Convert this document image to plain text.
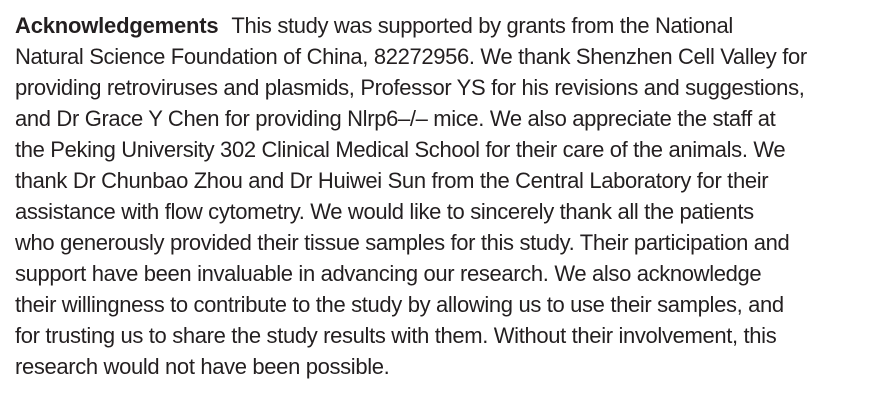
Acknowledgements This study was supported by grants from the National
Natural Science Foundation of China, 82272956. We thank Shenzhen Cell Valley for
providing retroviruses and plasmids, Professor YS for his revisions and suggestions,
and Dr Grace Y Chen for providing Nlrp6–/– mice. We also appreciate the staff at
the Peking University 302 Clinical Medical School for their care of the animals. We
thank Dr Chunbao Zhou and Dr Huiwei Sun from the Central Laboratory for their
assistance with flow cytometry. We would like to sincerely thank all the patients
who generously provided their tissue samples for this study. Their participation and
support have been invaluable in advancing our research. We also acknowledge
their willingness to contribute to the study by allowing us to use their samples, and
for trusting us to share the study results with them. Without their involvement, this
research would not have been possible.
